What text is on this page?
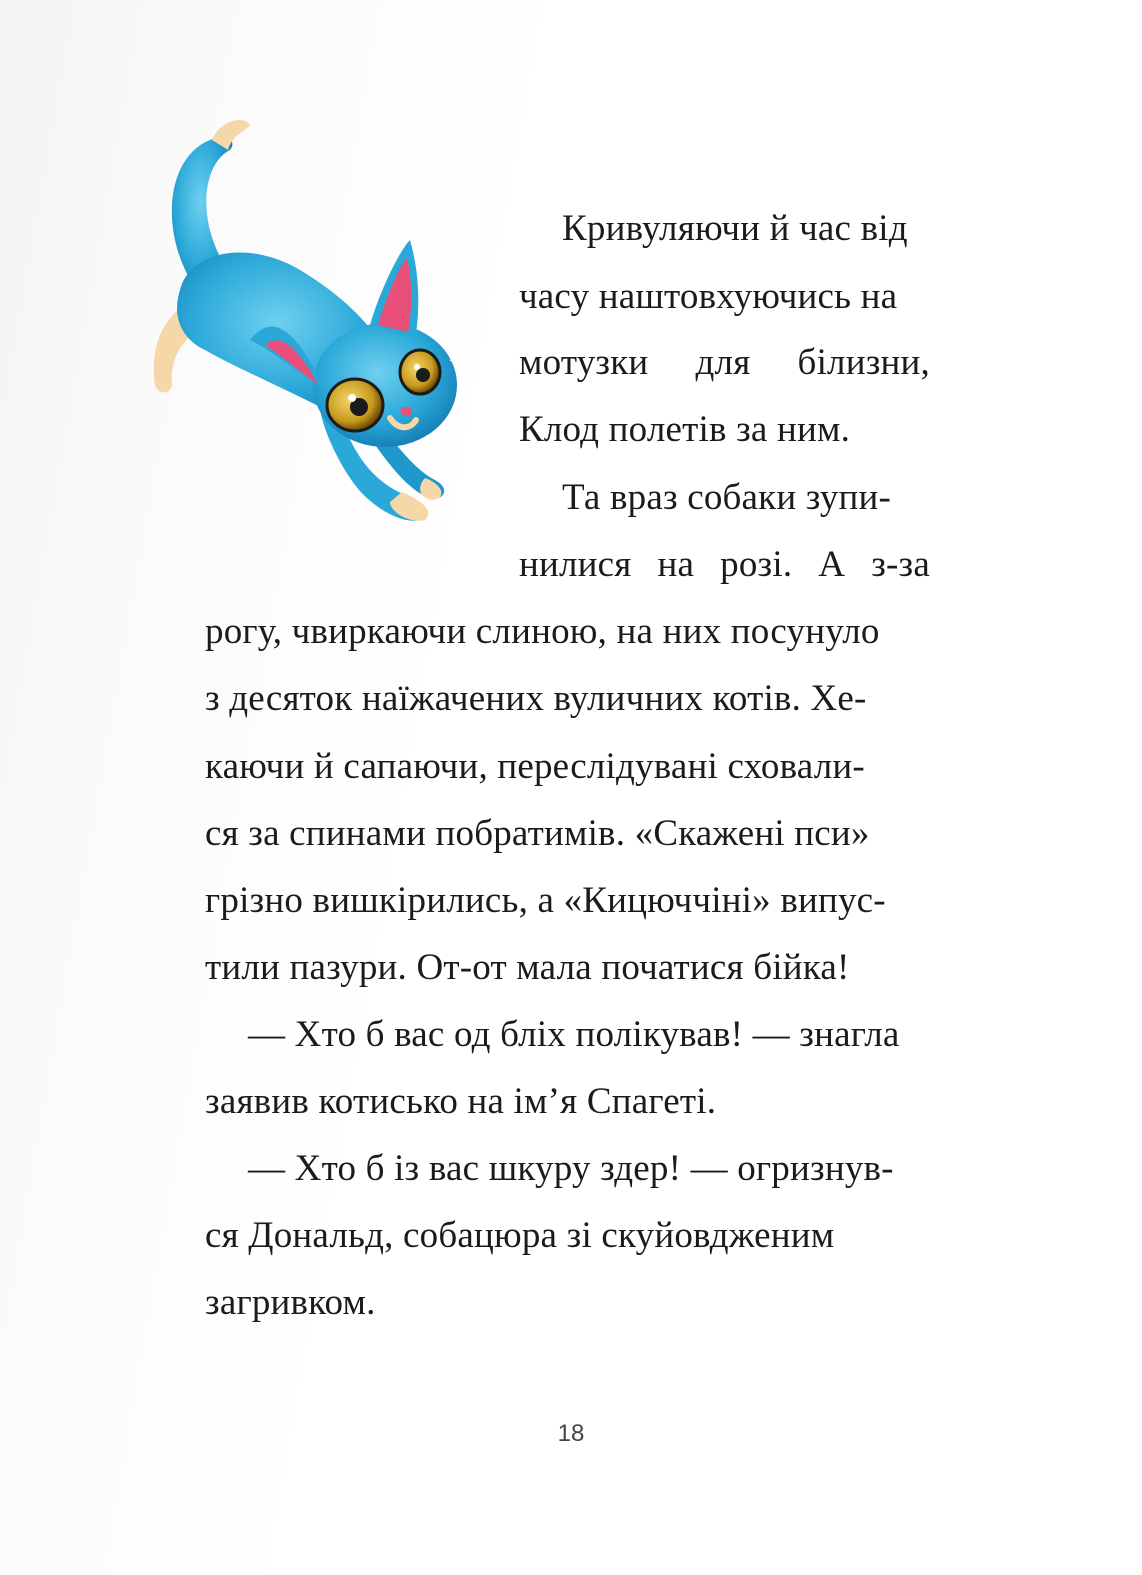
Кривуляючи й час від
часу наштовхуючись на
мотузки для білизни,
Клод полетів за ним.
Та враз собаки зупи-
нилися на розі. А з-за
рогу, чвиркаючи слиною, на них посунуло
з десяток наїжачених вуличних котів. Хе-
каючи й сапаючи, переслідувані сховали-
ся за спинами побратимів. «Скажені пси»
грізно вишкірились, а «Кицюччіні» випус-
тили пазури. От-от мала початися бійка!
— Хто б вас од бліх полікував! — знагла
заявив котисько на ім’я Спагеті.
— Хто б із вас шкуру здер! — огризнув-
ся Дональд, собацюра зі скуйовдженим
загривком.
18
